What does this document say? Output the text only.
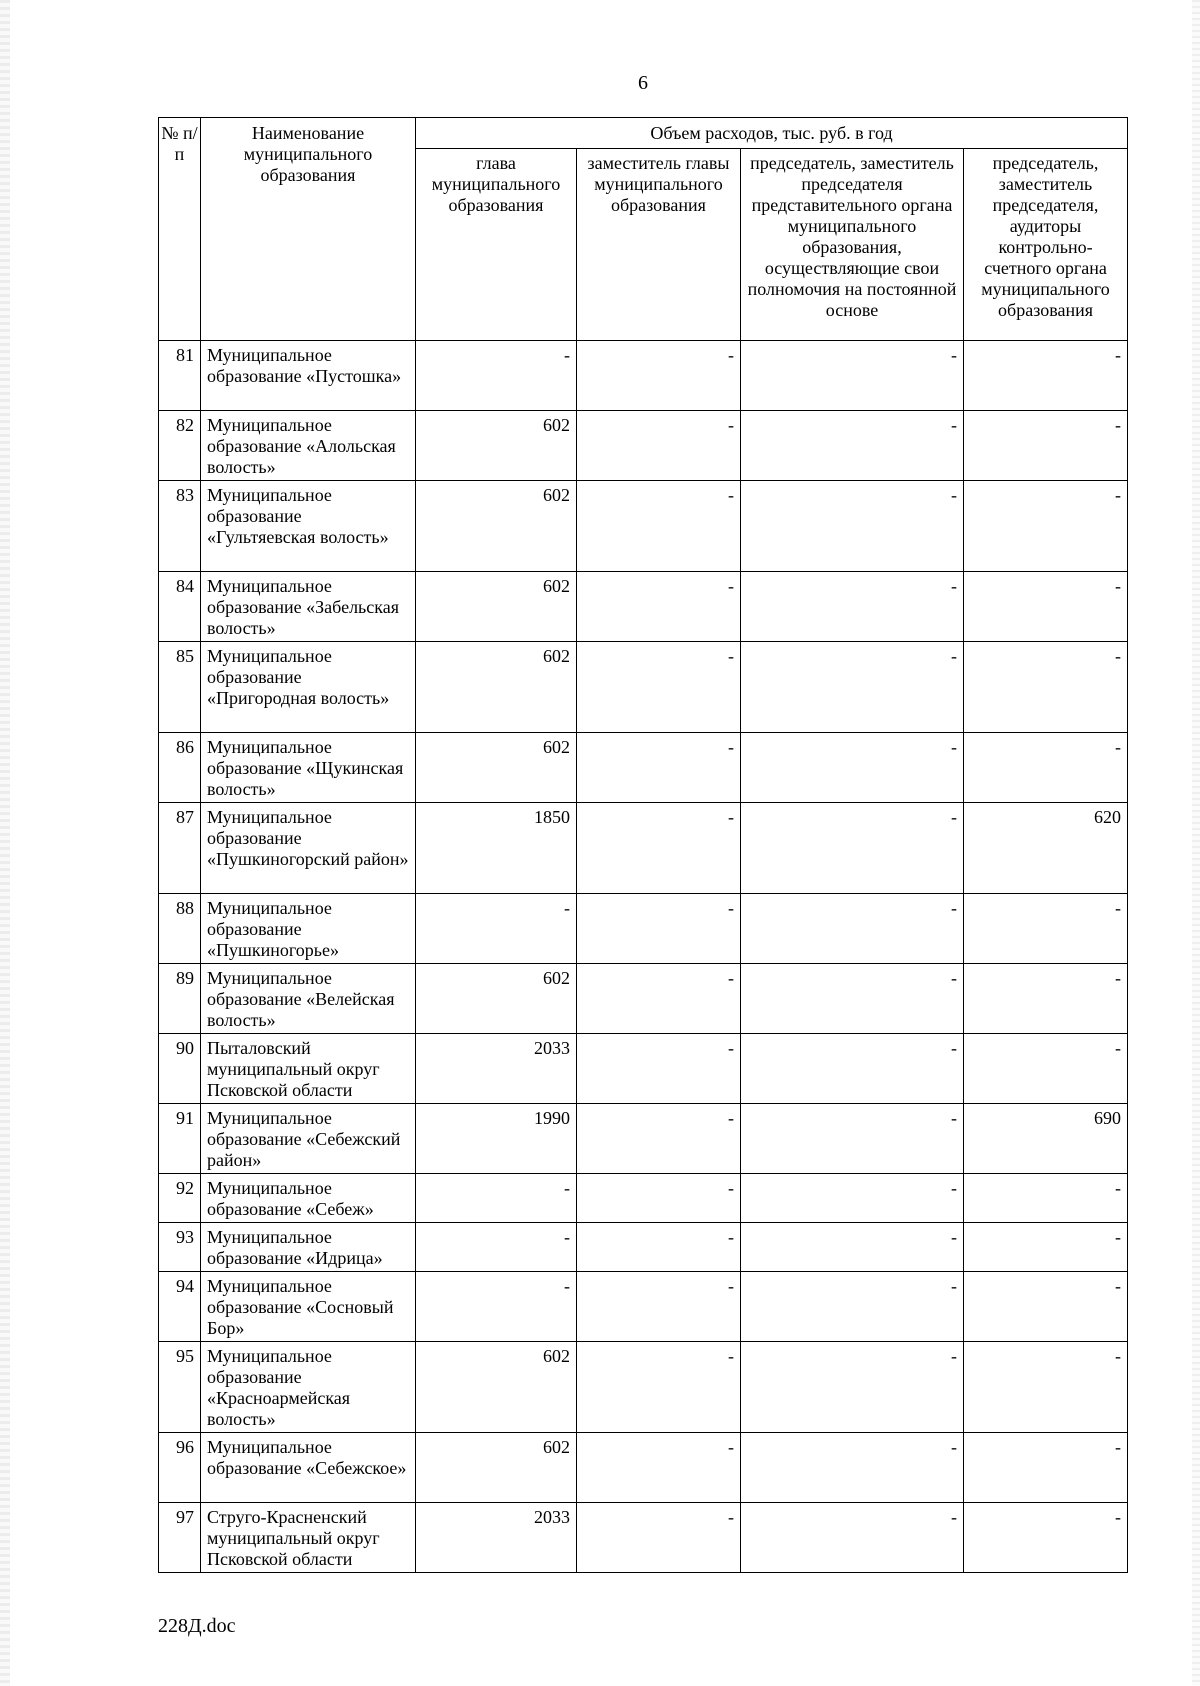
6
№ п/п	Наименование муниципального образования	Объем расходов, тыс. руб. в год			
		глава муниципального образования	заместитель главы муниципального образования	председатель, заместитель председателя представительного органа муниципального образования, осуществляющие свои полномочия на постоянной основе	председатель, заместитель председателя, аудиторы контрольно-счетного органа муниципального образования
81	Муниципальное образование «Пустошка»	-	-	-	-
82	Муниципальное образование «Алольская волость»	602	-	-	-
83	Муниципальное образование «Гультяевская волость»	602	-	-	-
84	Муниципальное образование «Забельская волость»	602	-	-	-
85	Муниципальное образование «Пригородная волость»	602	-	-	-
86	Муниципальное образование «Щукинская волость»	602	-	-	-
87	Муниципальное образование «Пушкиногорский район»	1850	-	-	620
88	Муниципальное образование «Пушкиногорье»	-	-	-	-
89	Муниципальное образование «Велейская волость»	602	-	-	-
90	Пыталовский муниципальный округ Псковской области	2033	-	-	-
91	Муниципальное образование «Себежский район»	1990	-	-	690
92	Муниципальное образование «Себеж»	-	-	-	-
93	Муниципальное образование «Идрица»	-	-	-	-
94	Муниципальное образование «Сосновый Бор»	-	-	-	-
95	Муниципальное образование «Красноармейская волость»	602	-	-	-
96	Муниципальное образование «Себежское»	602	-	-	-
97	Струго-Красненский муниципальный округ Псковской области	2033	-	-	-
228Д.doc
